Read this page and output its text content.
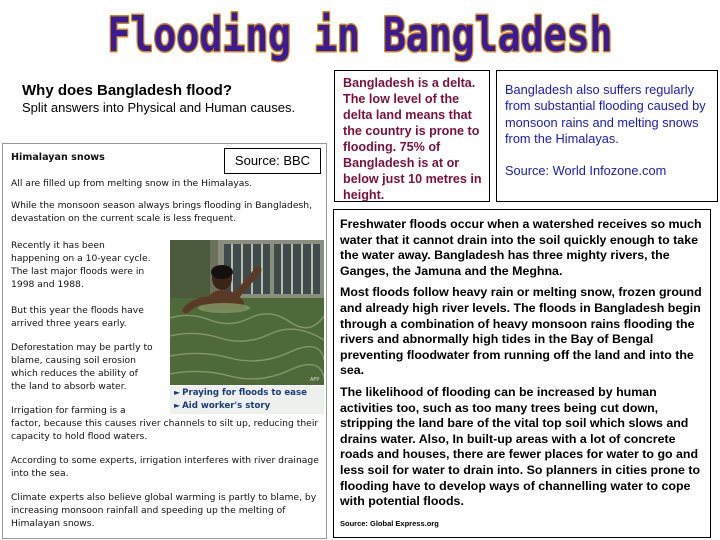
Flooding in Bangladesh
Why does Bangladesh flood?
Split answers into Physical and Human causes.

Himalayan snows

All are filled up from melting snow in the Himalayas.

While the monsoon season always brings flooding in Bangladesh, devastation on the current scale is less frequent.

Recently it has been

happening on a 10-year cycle.

The last major floods were in

1998 and 1988.

But this year the floods have

arrived three years early.

Deforestation may be partly to

blame, causing soil erosion

which reduces the ability of

the land to absorb water.

Irrigation for farming is a

factor, because this causes river channels to silt up, reducing their capacity to hold flood waters.

According to some experts, irrigation interferes with river drainage into the sea.

Climate experts also believe global warming is partly to blame, by increasing monsoon rainfall and speeding up the melting of Himalayan snows.

Source: BBC
AFP
► Praying for floods to ease
► Aid worker's story
Bangladesh is a delta. The low level of the delta land means that the country is prone to flooding. 75% of Bangladesh is at or below just 10 metres in height.

Bangladesh also suffers regularly from substantial flooding caused by monsoon rains and melting snows from the Himalayas.

Source: World Infozone.com

Freshwater floods occur when a watershed receives so much water that it cannot drain into the soil quickly enough to take the water away. Bangladesh has three mighty rivers, the Ganges, the Jamuna and the Meghna.

Most floods follow heavy rain or melting snow, frozen ground and already high river levels. The floods in Bangladesh begin through a combination of heavy monsoon rains flooding the rivers and abnormally high tides in the Bay of Bengal preventing floodwater from running off the land and into the sea.

The likelihood of flooding can be increased by human activities too, such as too many trees being cut down, stripping the land bare of the vital top soil which slows and drains water. Also, In built-up areas with a lot of concrete roads and houses, there are fewer places for water to go and less soil for water to drain into. So planners in cities prone to flooding have to develop ways of channelling water to cope with potential floods.

Source: Global Express.org
